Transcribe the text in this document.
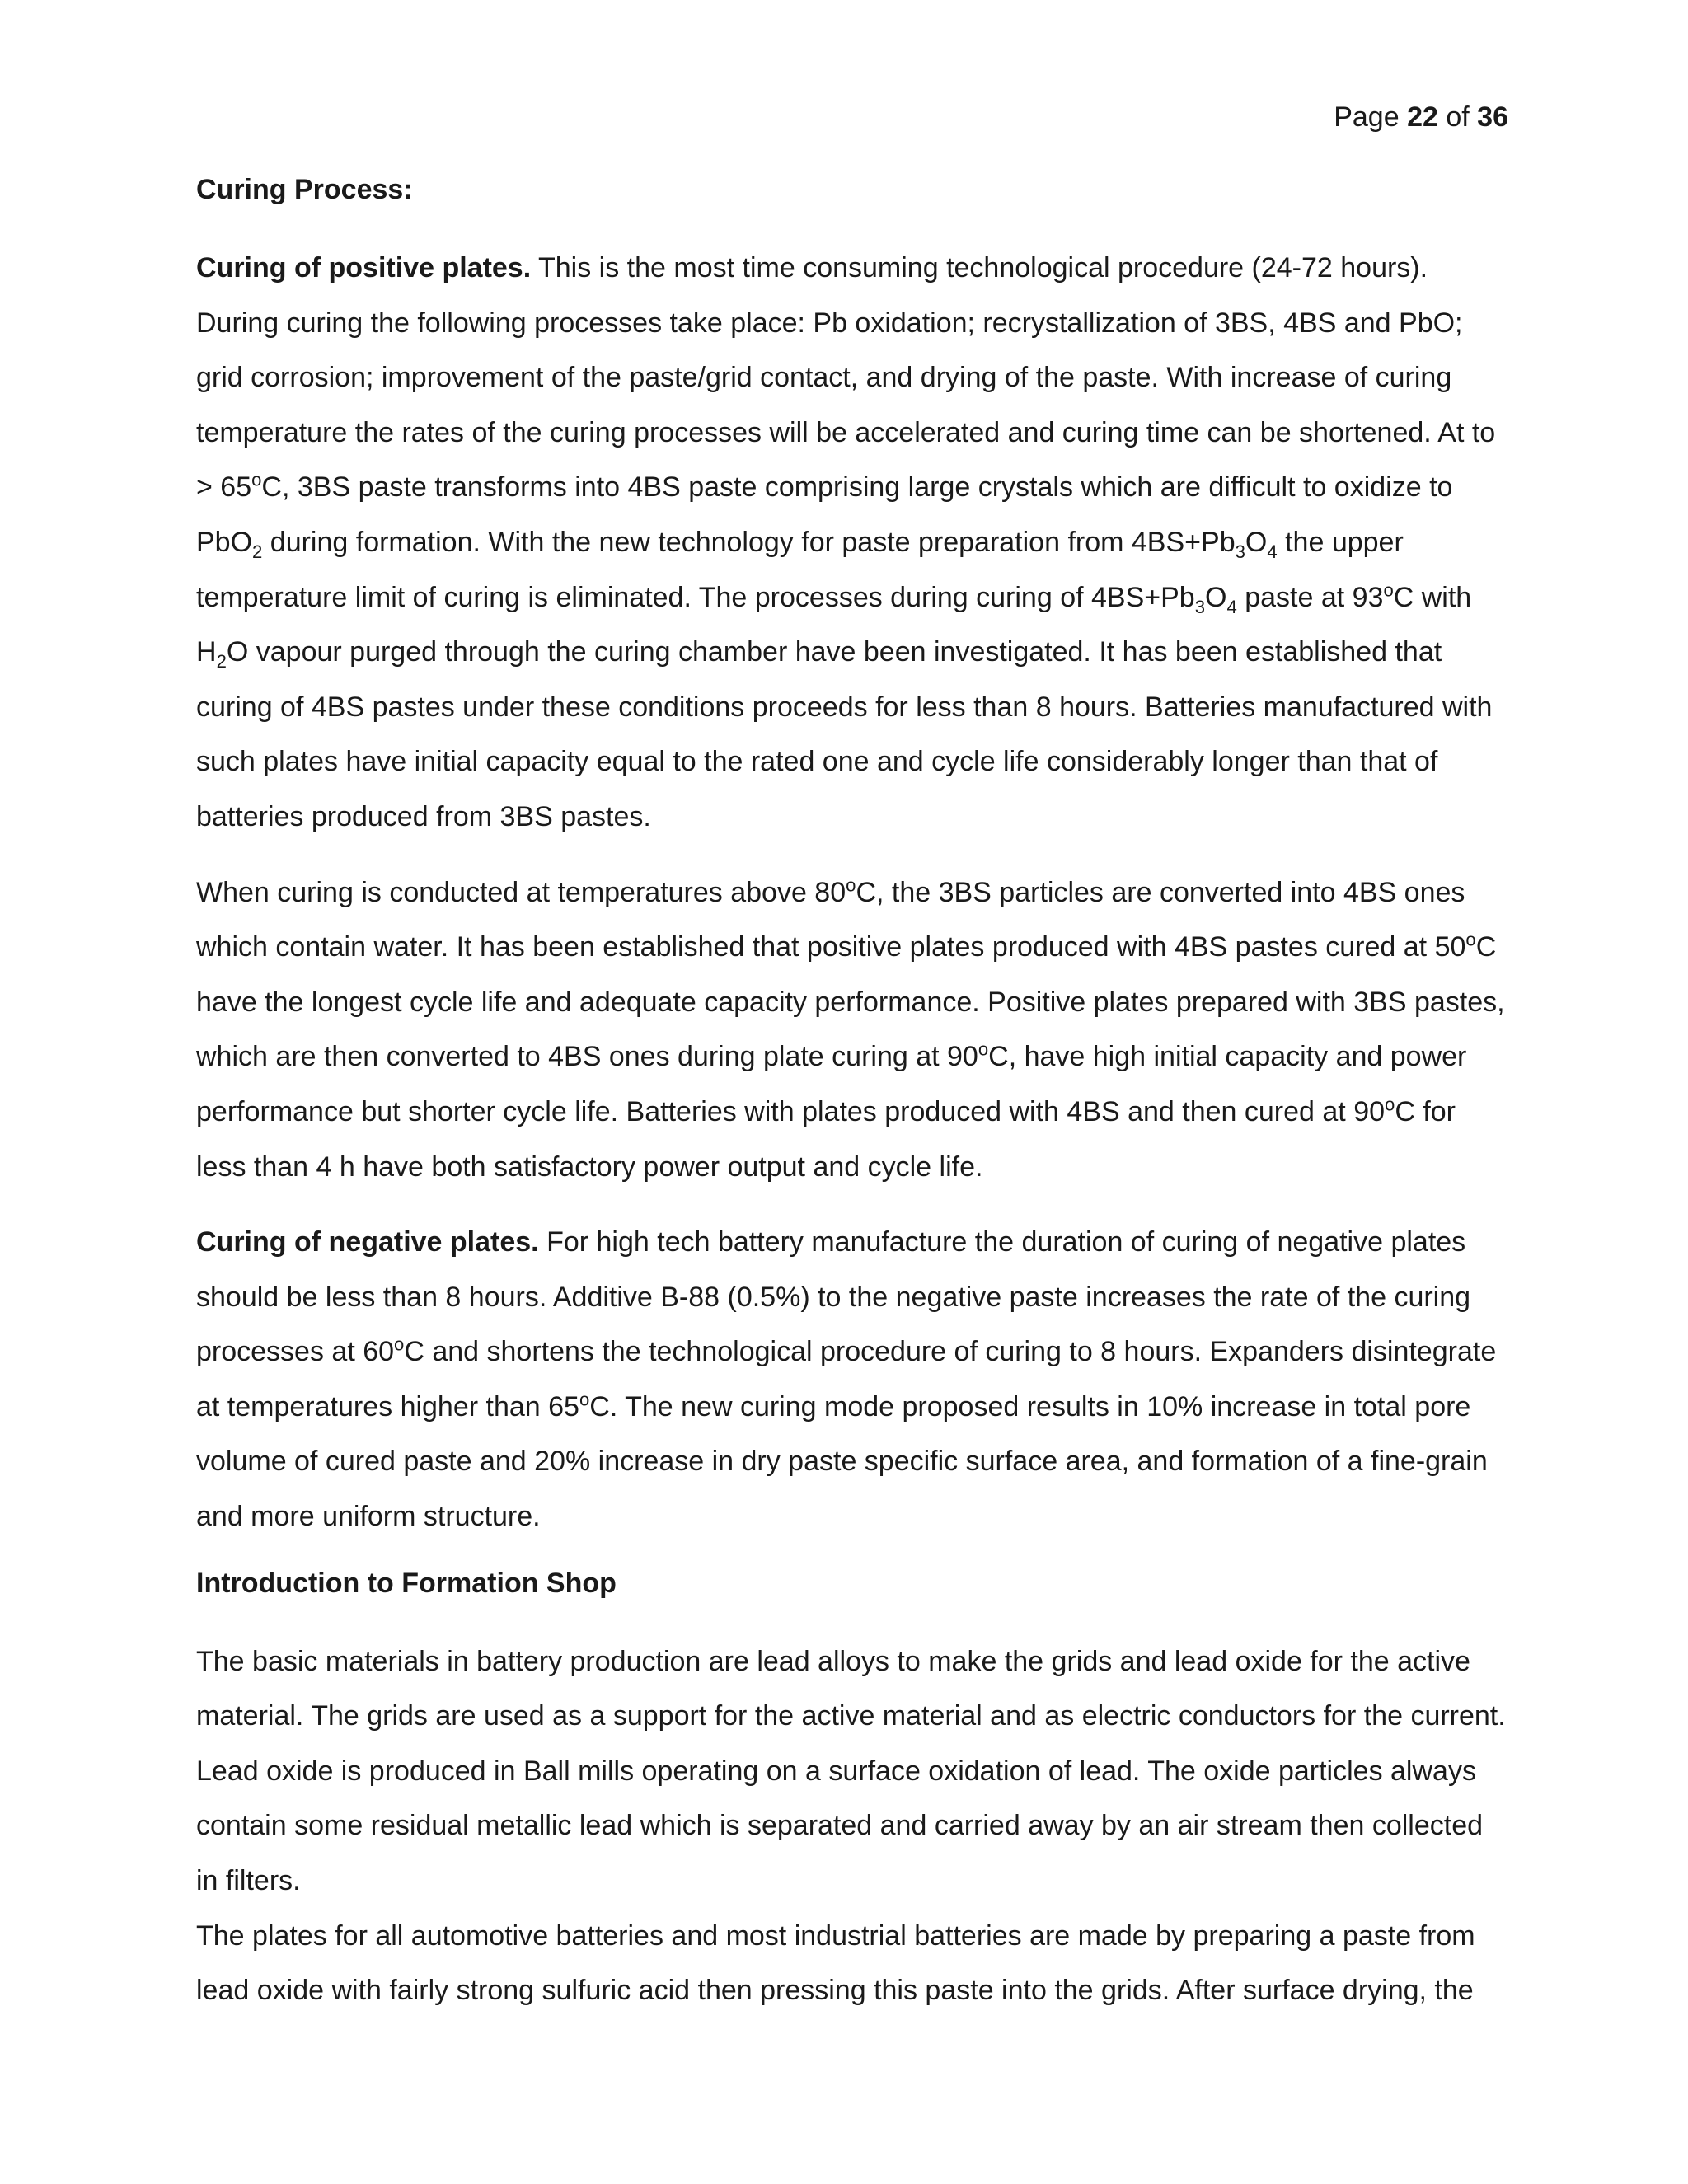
Page 22 of 36

Curing Process:

Curing of positive plates. This is the most time consuming technological procedure (24-72 hours). During curing the following processes take place: Pb oxidation; recrystallization of 3BS, 4BS and PbO; grid corrosion; improvement of the paste/grid contact, and drying of the paste. With increase of curing temperature the rates of the curing processes will be accelerated and curing time can be shortened. At to > $65^oC$, 3BS paste transforms into 4BS paste comprising large crystals which are difficult to oxidize to PbO$_2$ during formation. With the new technology for paste preparation from $4BS+Pb_3O_4$ the upper temperature limit of curing is eliminated. The processes during curing of $4BS+Pb_3O_4$ paste at 93$^o$C with $H_2O$ vapour purged through the curing chamber have been investigated. It has been established that curing of 4BS pastes under these conditions proceeds for less than 8 hours. Batteries manufactured with such plates have initial capacity equal to the rated one and cycle life considerably longer than that of batteries produced from 3BS pastes.

When curing is conducted at temperatures above 80$^o$C, the 3BS particles are converted into 4BS ones which contain water. It has been established that positive plates produced with 4BS pastes cured at 50$^o$C have the longest cycle life and adequate capacity performance. Positive plates prepared with 3BS pastes, which are then converted to 4BS ones during plate curing at 90$^o$C, have high initial capacity and power performance but shorter cycle life. Batteries with plates produced with 4BS and then cured at 90$^o$C for less than 4 h have both satisfactory power output and cycle life.

Curing of negative plates. For high tech battery manufacture the duration of curing of negative plates should be less than 8 hours. Additive B-88 (0.5%) to the negative paste increases the rate of the curing processes at 60$^o$C and shortens the technological procedure of curing to 8 hours. Expanders disintegrate at temperatures higher than 65$^o$C. The new curing mode proposed results in 10% increase in total pore volume of cured paste and 20% increase in dry paste specific surface area, and formation of a fine-grain and more uniform structure.

Introduction to Formation Shop

The basic materials in battery production are lead alloys to make the grids and lead oxide for the active material. The grids are used as a support for the active material and as electric conductors for the current. Lead oxide is produced in Ball mills operating on a surface oxidation of lead. The oxide particles always contain some residual metallic lead which is separated and carried away by an air stream then collected in filters.

The plates for all automotive batteries and most industrial batteries are made by preparing a paste from lead oxide with fairly strong sulfuric acid then pressing this paste into the grids. After surface drying, the
